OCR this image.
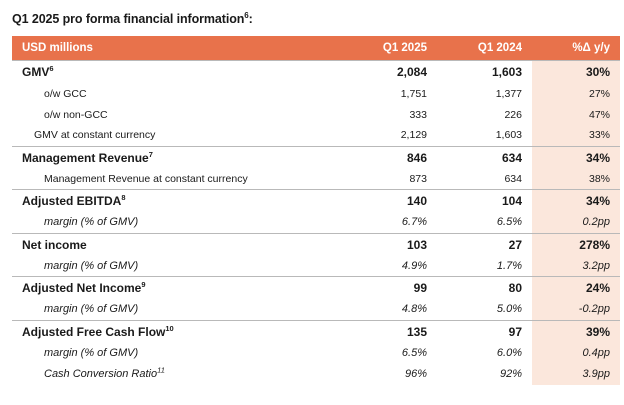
Q1 2025 pro forma financial information$^6$:
USD millions	Q1 2025	Q1 2024	%Δ y/y
GMV$^6$	2,084	1,603	30%
o/w GCC	1,751	1,377	27%
o/w non-GCC	333	226	47%
GMV at constant currency	2,129	1,603	33%
Management Revenue$^7$	846	634	34%
Management Revenue at constant currency	873	634	38%
Adjusted EBITDA$^8$	140	104	34%
margin (% of GMV)	6.7%	6.5%	0.2pp
Net income	103	27	278%
margin (% of GMV)	4.9%	1.7%	3.2pp
Adjusted Net Income$^9$	99	80	24%
margin (% of GMV)	4.8%	5.0%	-0.2pp
Adjusted Free Cash Flow$^{10}$	135	97	39%
margin (% of GMV)	6.5%	6.0%	0.4pp
Cash Conversion Ratio$^{11}$	96%	92%	3.9pp
